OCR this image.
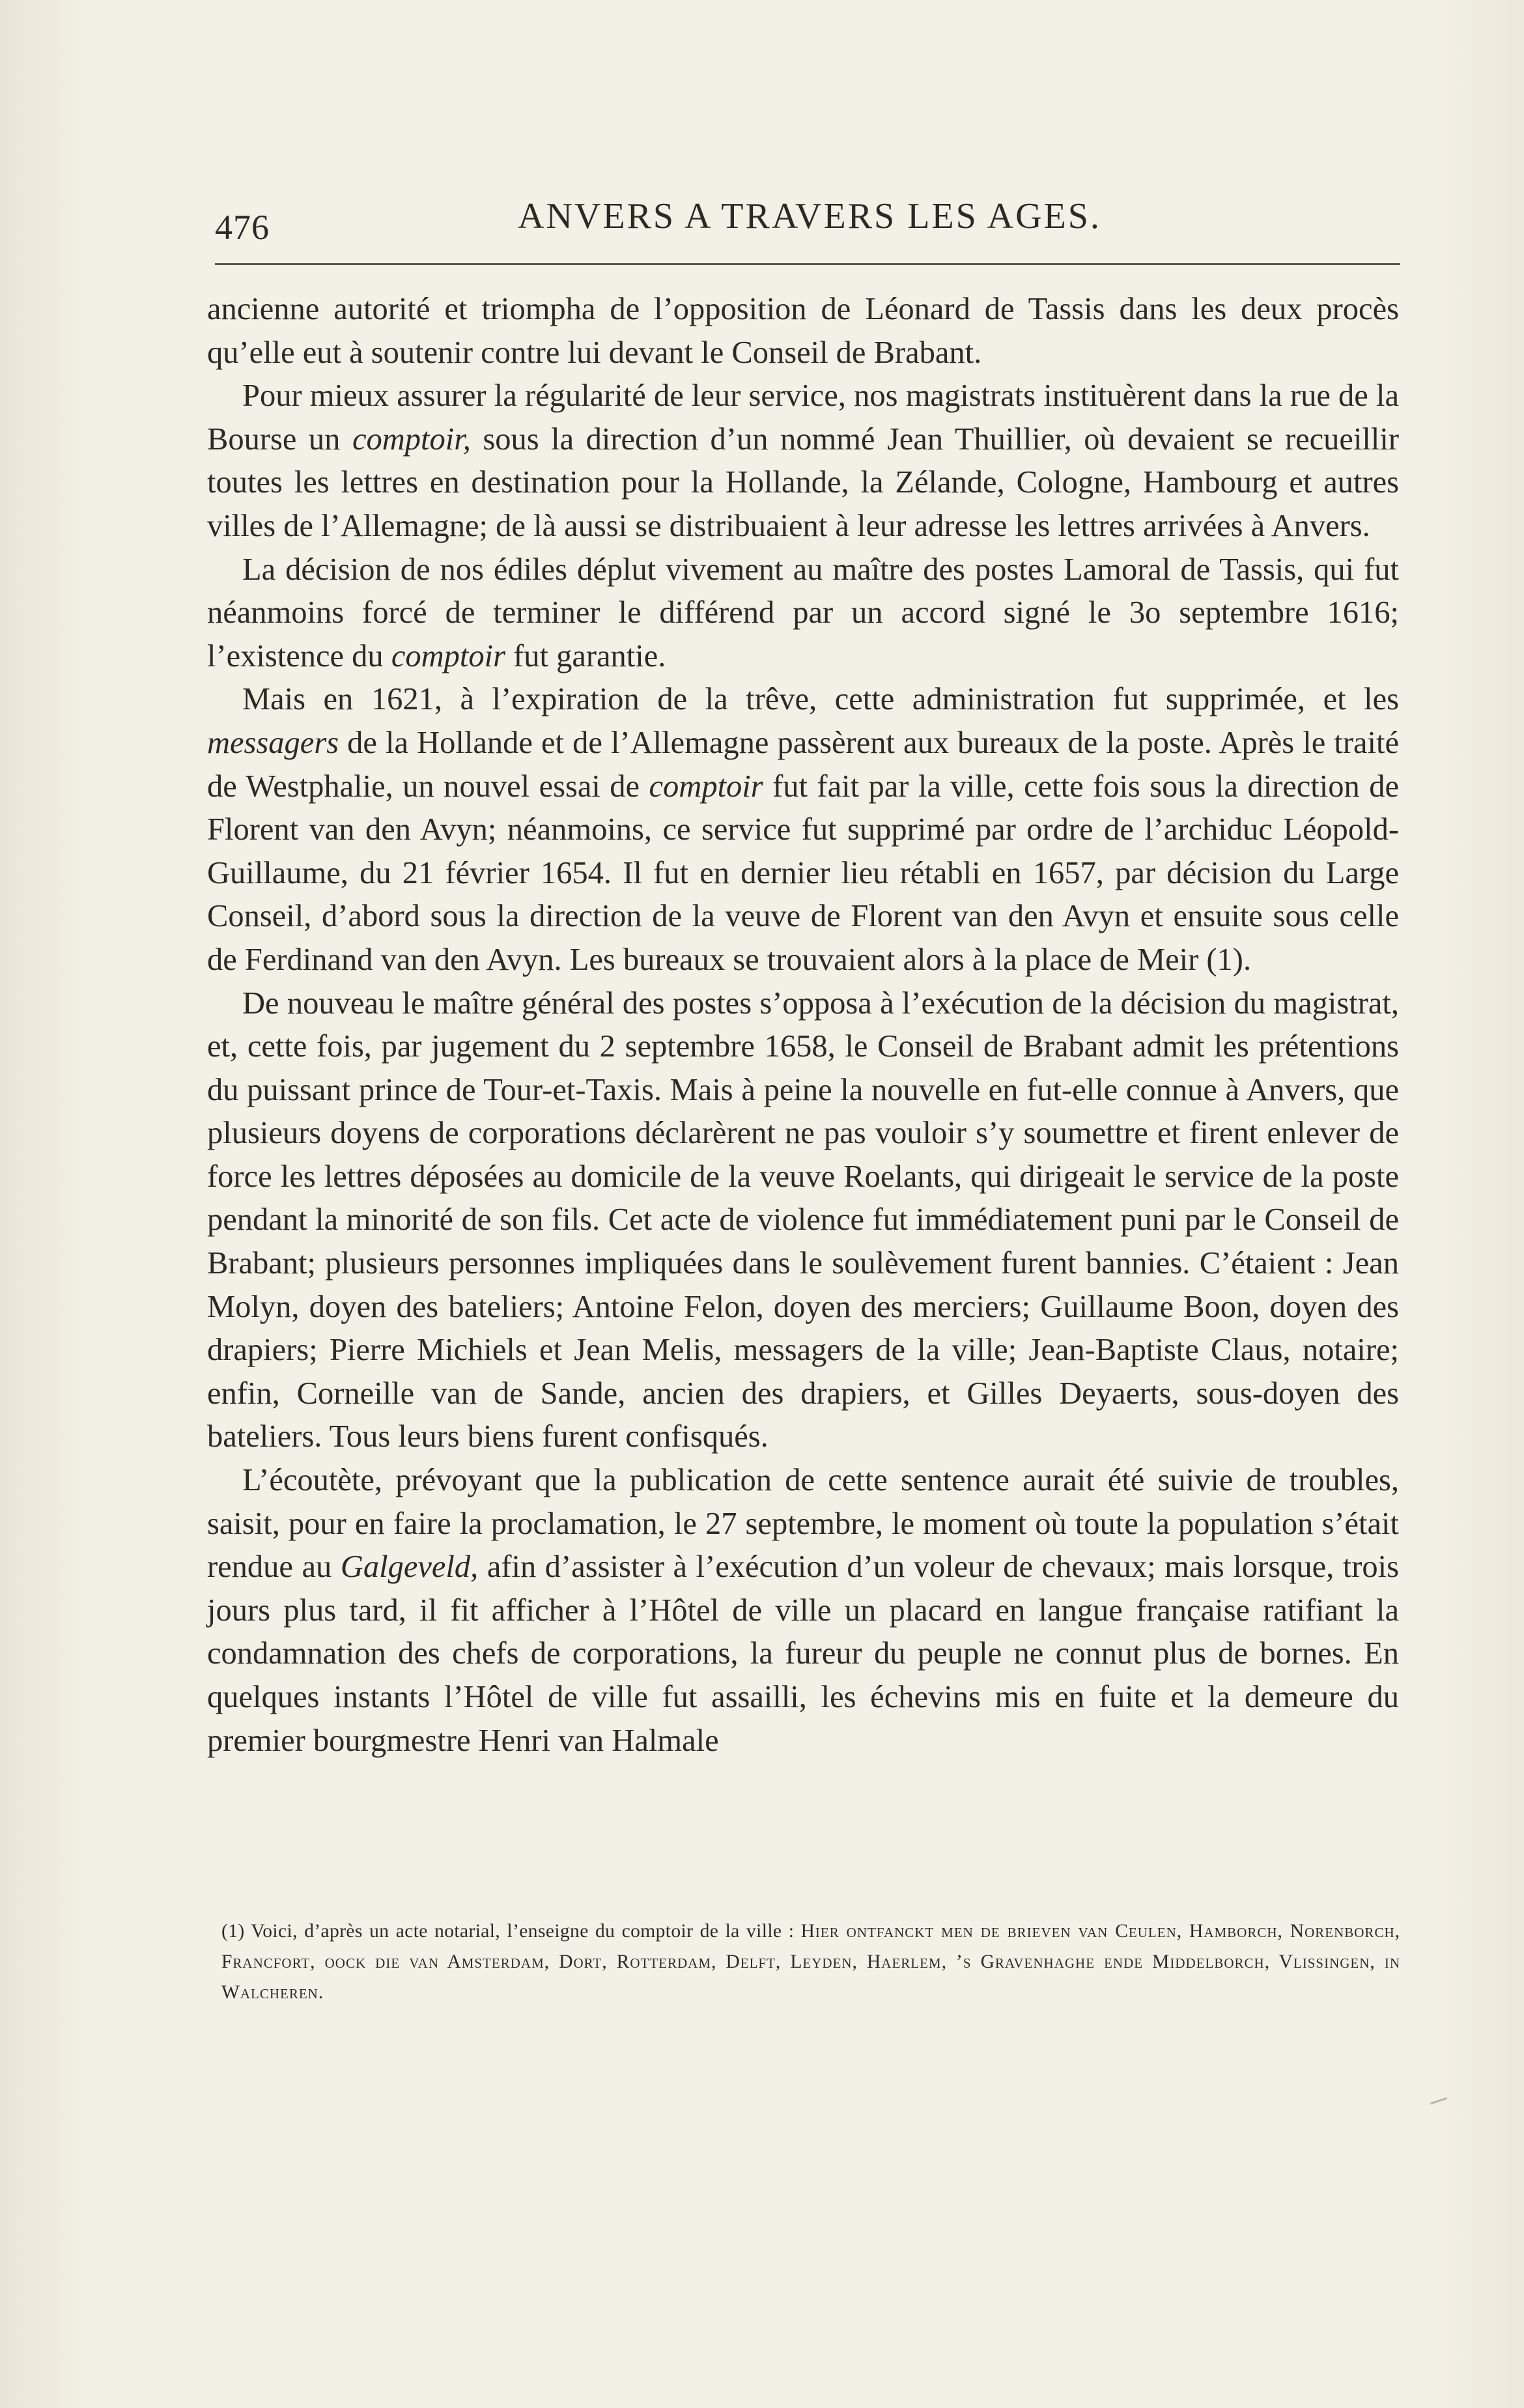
476	ANVERS A TRAVERS LES AGES.

ancienne autorité et triompha de l’opposition de Léonard de Tassis dans les deux procès qu’elle eut à soutenir contre lui devant le Conseil de Brabant.

Pour mieux assurer la régularité de leur service, nos magistrats instituèrent dans la rue de la Bourse un comptoir, sous la direction d’un nommé Jean Thuillier, où devaient se recueillir toutes les lettres en destination pour la Hollande, la Zélande, Cologne, Hambourg et autres villes de l’Allemagne; de là aussi se distribuaient à leur adresse les lettres arrivées à Anvers.

La décision de nos édiles déplut vivement au maître des postes Lamoral de Tassis, qui fut néanmoins forcé de terminer le différend par un accord signé le 3o septembre 1616; l’existence du comptoir fut garantie.

Mais en 1621, à l’expiration de la trêve, cette administration fut supprimée, et les messagers de la Hollande et de l’Allemagne passèrent aux bureaux de la poste. Après le traité de Westphalie, un nouvel essai de comptoir fut fait par la ville, cette fois sous la direction de Florent van den Avyn; néanmoins, ce service fut supprimé par ordre de l’archiduc Léopold-Guillaume, du 21 février 1654. Il fut en dernier lieu rétabli en 1657, par décision du Large Conseil, d’abord sous la direction de la veuve de Florent van den Avyn et ensuite sous celle de Ferdinand van den Avyn. Les bureaux se trouvaient alors à la place de Meir (1).

De nouveau le maître général des postes s’opposa à l’exécution de la décision du magistrat, et, cette fois, par jugement du 2 septembre 1658, le Conseil de Brabant admit les prétentions du puissant prince de Tour-et-Taxis. Mais à peine la nouvelle en fut-elle connue à Anvers, que plusieurs doyens de corporations déclarèrent ne pas vouloir s’y soumettre et firent enlever de force les lettres déposées au domicile de la veuve Roelants, qui dirigeait le service de la poste pendant la minorité de son fils. Cet acte de violence fut immédiatement puni par le Conseil de Brabant; plusieurs personnes impliquées dans le soulèvement furent bannies. C’étaient : Jean Molyn, doyen des bateliers; Antoine Felon, doyen des merciers; Guillaume Boon, doyen des drapiers; Pierre Michiels et Jean Melis, messagers de la ville; Jean-Baptiste Claus, notaire; enfin, Corneille van de Sande, ancien des drapiers, et Gilles Deyaerts, sous-doyen des bateliers. Tous leurs biens furent confisqués.

L’écoutète, prévoyant que la publication de cette sentence aurait été suivie de troubles, saisit, pour en faire la proclamation, le 27 septembre, le moment où toute la population s’était rendue au Galgeveld, afin d’assister à l’exécution d’un voleur de chevaux; mais lorsque, trois jours plus tard, il fit afficher à l’Hôtel de ville un placard en langue française ratifiant la condamnation des chefs de corporations, la fureur du peuple ne connut plus de bornes. En quelques instants l’Hôtel de ville fut assailli, les échevins mis en fuite et la demeure du premier bourgmestre Henri van Halmale

(1) Voici, d’après un acte notarial, l’enseigne du comptoir de la ville : Hier ontfanckt men de brieven van Ceulen, Hamborch, Norenborch, Francfort, oock die van Amsterdam, Dort, Rotterdam, Delft, Leyden, Haerlem, ’s Gravenhaghe ende Middelborch, Vlissingen, in Walcheren.
